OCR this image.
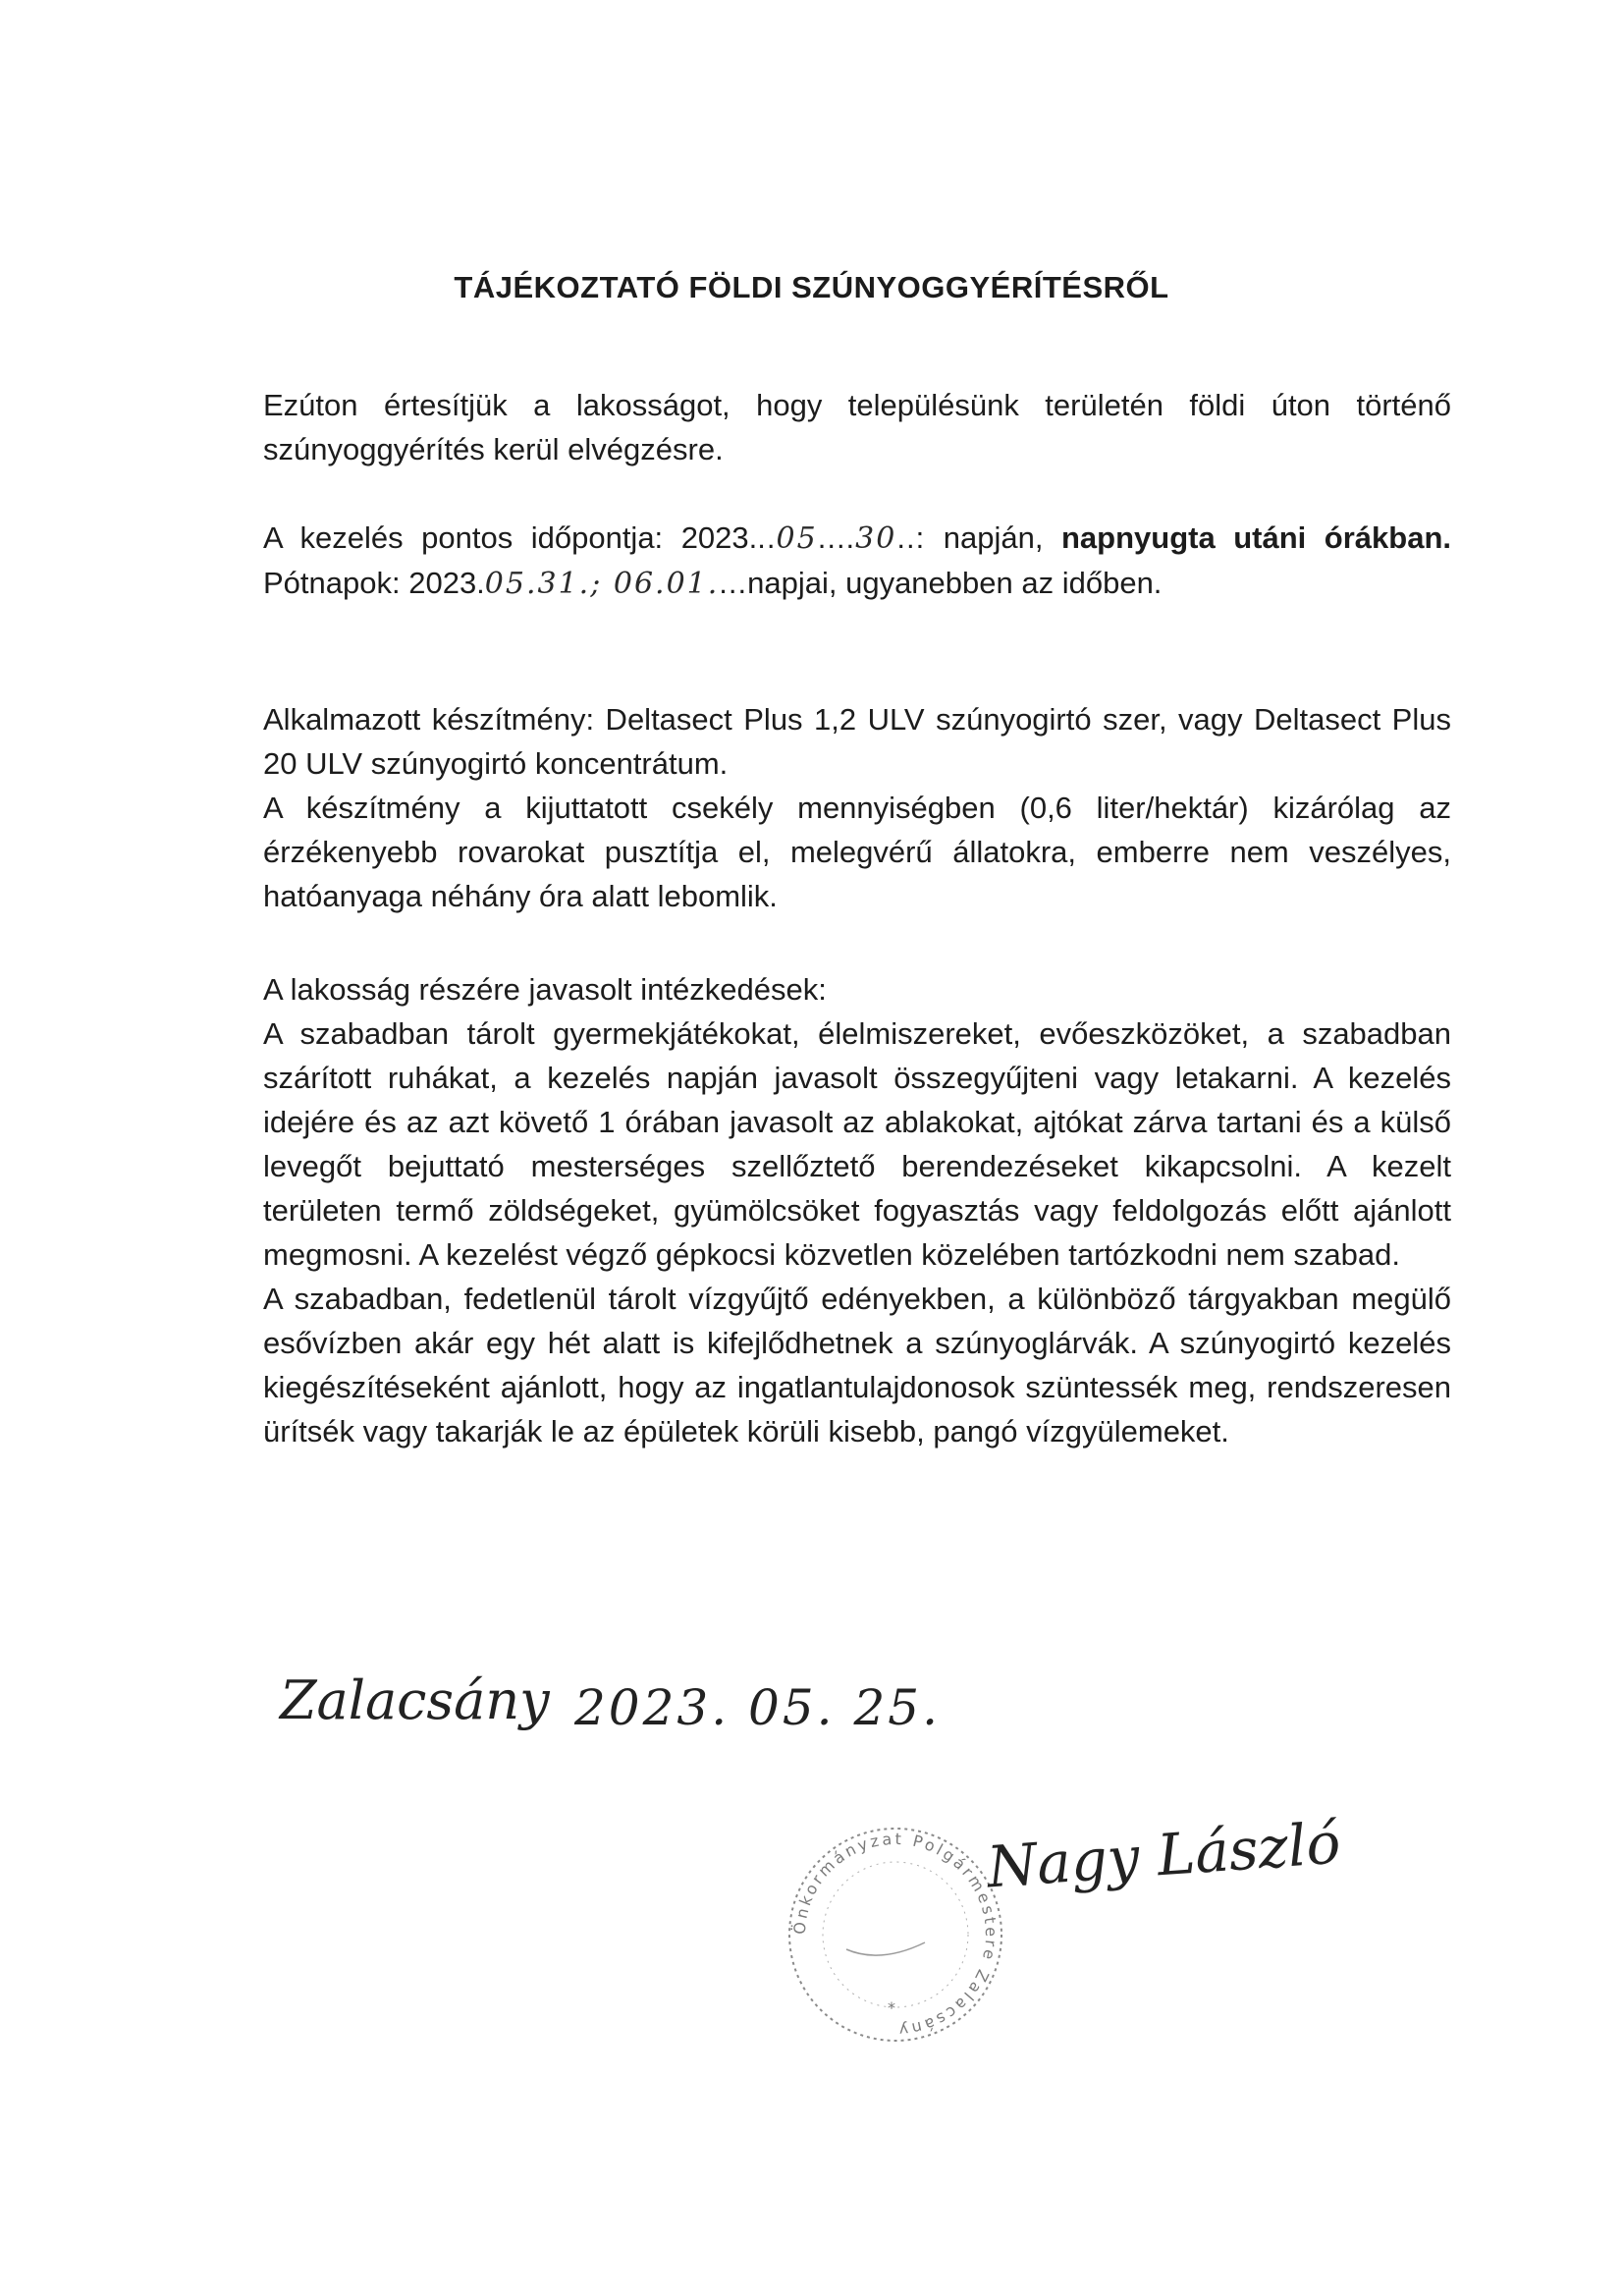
TÁJÉKOZTATÓ FÖLDI SZÚNYOGGYÉRÍTÉSRŐL

Ezúton értesítjük a lakosságot, hogy településünk területén földi úton történő szúnyoggyérítés kerül elvégzésre.

A kezelés pontos időpontja: 2023...05....30..: napján, napnyugta utáni órákban. Pótnapok: 2023.05.31.; 06.01....napjai, ugyanebben az időben.

Alkalmazott készítmény: Deltasect Plus 1,2 ULV szúnyogirtó szer, vagy Deltasect Plus 20 ULV szúnyogirtó koncentrátum.

A készítmény a kijuttatott csekély mennyiségben (0,6 liter/hektár) kizárólag az érzékenyebb rovarokat pusztítja el, melegvérű állatokra, emberre nem veszélyes, hatóanyaga néhány óra alatt lebomlik.

A lakosság részére javasolt intézkedések:

A szabadban tárolt gyermekjátékokat, élelmiszereket, evőeszközöket, a szabadban szárított ruhákat, a kezelés napján javasolt összegyűjteni vagy letakarni. A kezelés idejére és az azt követő 1 órában javasolt az ablakokat, ajtókat zárva tartani és a külső levegőt bejuttató mesterséges szellőztető berendezéseket kikapcsolni. A kezelt területen termő zöldségeket, gyümölcsöket fogyasztás vagy feldolgozás előtt ajánlott megmosni. A kezelést végző gépkocsi közvetlen közelében tartózkodni nem szabad.

A szabadban, fedetlenül tárolt vízgyűjtő edényekben, a különböző tárgyakban megülő esővízben akár egy hét alatt is kifejlődhetnek a szúnyoglárvák. A szúnyogirtó kezelés kiegészítéseként ajánlott, hogy az ingatlantulajdonosok szüntessék meg, rendszeresen ürítsék vagy takarják le az épületek körüli kisebb, pangó vízgyülemeket.

Zalacsány 2023. 05. 25.
Önkormányzat Polgármestere Zalacsány
*
Nagy László
